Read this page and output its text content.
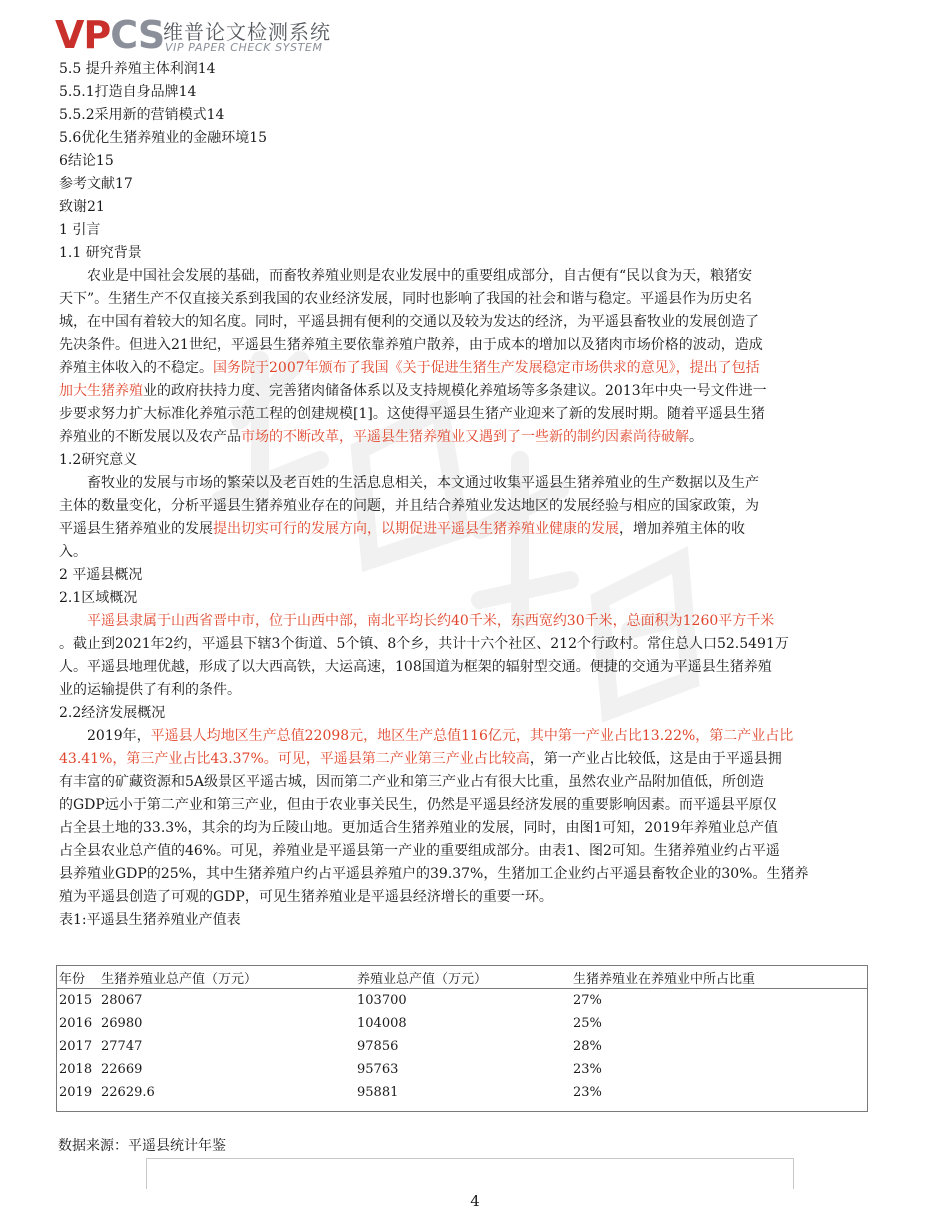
VPCS
维普论文检测系统
VIP PAPER CHECK SYSTEM
5.5 提升养殖主体利润14
5.5.1打造自身品牌14
5.5.2采用新的营销模式14
5.6优化生猪养殖业的金融环境15
6结论15
参考文献17
致谢21
1 引言
1.1 研究背景
农业是中国社会发展的基础，而畜牧养殖业则是农业发展中的重要组成部分，自古便有“民以食为天，粮猪安
天下”。生猪生产不仅直接关系到我国的农业经济发展，同时也影响了我国的社会和谐与稳定。平遥县作为历史名
城，在中国有着较大的知名度。同时，平遥县拥有便利的交通以及较为发达的经济，为平遥县畜牧业的发展创造了
先决条件。但进入21世纪，平遥县生猪养殖主要依靠养殖户散养，由于成本的增加以及猪肉市场价格的波动，造成
养殖主体收入的不稳定。国务院于2007年颁布了我国《关于促进生猪生产发展稳定市场供求的意见》，提出了包括
加大生猪养殖业的政府扶持力度、完善猪肉储备体系以及支持规模化养殖场等多条建议。2013年中央一号文件进一
步要求努力扩大标准化养殖示范工程的创建规模[1]。这使得平遥县生猪产业迎来了新的发展时期。随着平遥县生猪
养殖业的不断发展以及农产品市场的不断改革，平遥县生猪养殖业又遇到了一些新的制约因素尚待破解。
1.2研究意义
畜牧业的发展与市场的繁荣以及老百姓的生活息息相关，本文通过收集平遥县生猪养殖业的生产数据以及生产
主体的数量变化，分析平遥县生猪养殖业存在的问题，并且结合养殖业发达地区的发展经验与相应的国家政策，为
平遥县生猪养殖业的发展提出切实可行的发展方向，以期促进平遥县生猪养殖业健康的发展，增加养殖主体的收
入。
2 平遥县概况
2.1区域概况
平遥县隶属于山西省晋中市，位于山西中部，南北平均长约40千米，东西宽约30千米，总面积为1260平方千米
。截止到2021年2约，平遥县下辖3个街道、5个镇、8个乡，共计十六个社区、212个行政村。常住总人口52.5491万
人。平遥县地理优越，形成了以大西高铁，大运高速，108国道为框架的辐射型交通。便捷的交通为平遥县生猪养殖
业的运输提供了有利的条件。
2.2经济发展概况
2019年，平遥县人均地区生产总值22098元，地区生产总值116亿元，其中第一产业占比13.22%，第二产业占比
43.41%，第三产业占比43.37%。可见，平遥县第二产业第三产业占比较高，第一产业占比较低，这是由于平遥县拥
有丰富的矿藏资源和5A级景区平遥古城，因而第二产业和第三产业占有很大比重，虽然农业产品附加值低，所创造
的GDP远小于第二产业和第三产业，但由于农业事关民生，仍然是平遥县经济发展的重要影响因素。而平遥县平原仅
占全县土地的33.3%，其余的均为丘陵山地。更加适合生猪养殖业的发展，同时，由图1可知，2019年养殖业总产值
占全县农业总产值的46%。可见，养殖业是平遥县第一产业的重要组成部分。由表1、图2可知。生猪养殖业约占平遥
县养殖业GDP的25%，其中生猪养殖户约占平遥县养殖户的39.37%，生猪加工企业约占平遥县畜牧企业的30%。生猪养
殖为平遥县创造了可观的GDP，可见生猪养殖业是平遥县经济增长的重要一环。
表1:平遥县生猪养殖业产值表
年份	生猪养殖业总产值（万元）	养殖业总产值（万元）	生猪养殖业在养殖业中所占比重
2015	28067	103700	27%
2016	26980	104008	25%
2017	27747	97856	28%
2018	22669	95763	23%
2019	22629.6	95881	23%
数据来源：平遥县统计年鉴
4
